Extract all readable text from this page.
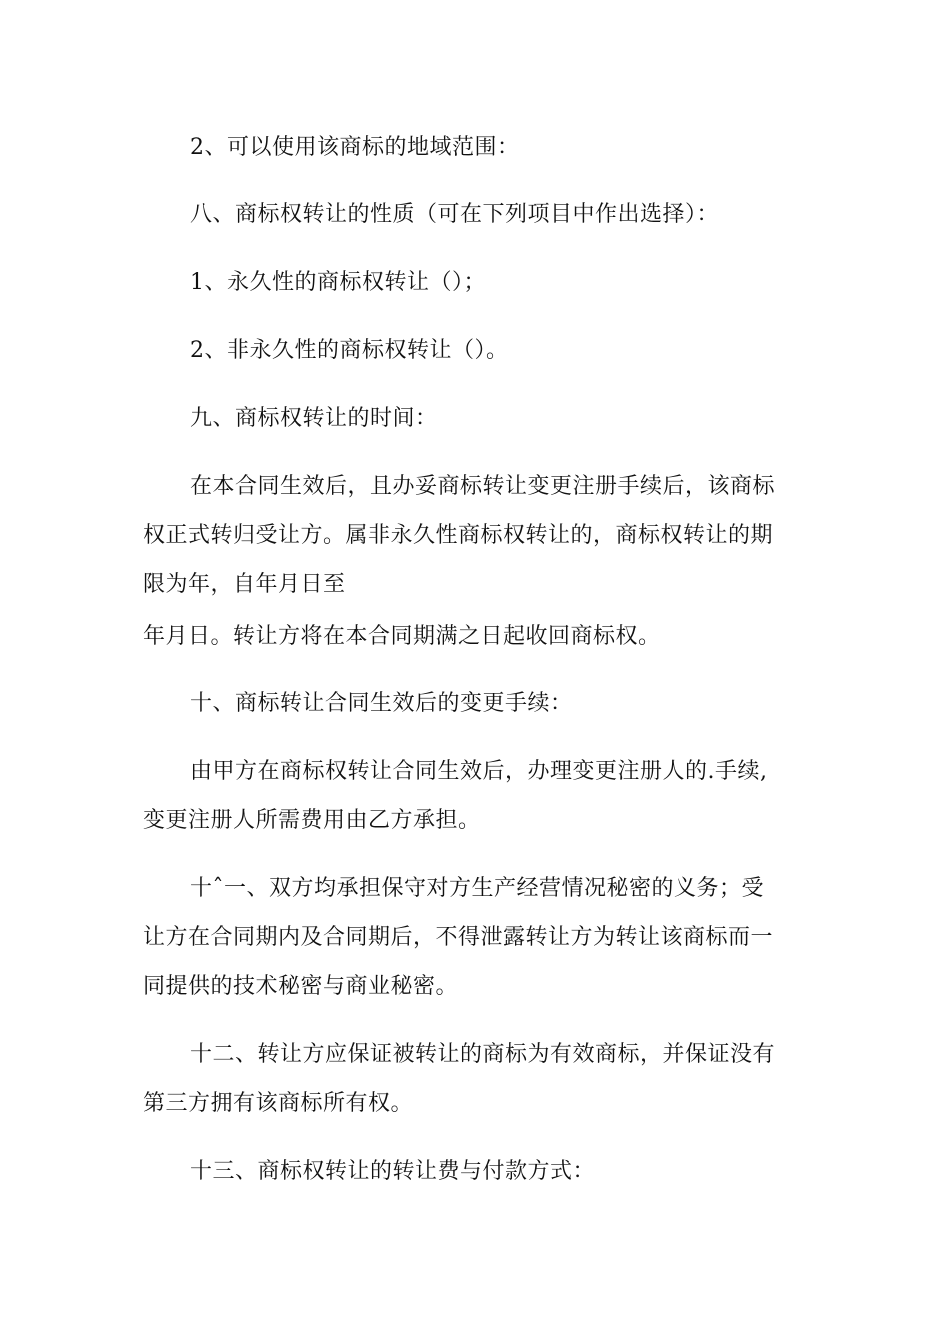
2、可以使用该商标的地域范围：
八、商标权转让的性质（可在下列项目中作出选择）：
1、永久性的商标权转让（）；
2、非永久性的商标权转让（）。
九、商标权转让的时间：
在本合同生效后，且办妥商标转让变更注册手续后，该商标
权正式转归受让方。属非永久性商标权转让的，商标权转让的期
限为年，自年月日至
年月日。转让方将在本合同期满之日起收回商标权。
十、商标转让合同生效后的变更手续：
由甲方在商标权转让合同生效后，办理变更注册人的.手续,
变更注册人所需费用由乙方承担。
十ˆ一、双方均承担保守对方生产经营情况秘密的义务；受
让方在合同期内及合同期后，不得泄露转让方为转让该商标而一
同提供的技术秘密与商业秘密。
十二、转让方应保证被转让的商标为有效商标，并保证没有
第三方拥有该商标所有权。
十三、商标权转让的转让费与付款方式：
